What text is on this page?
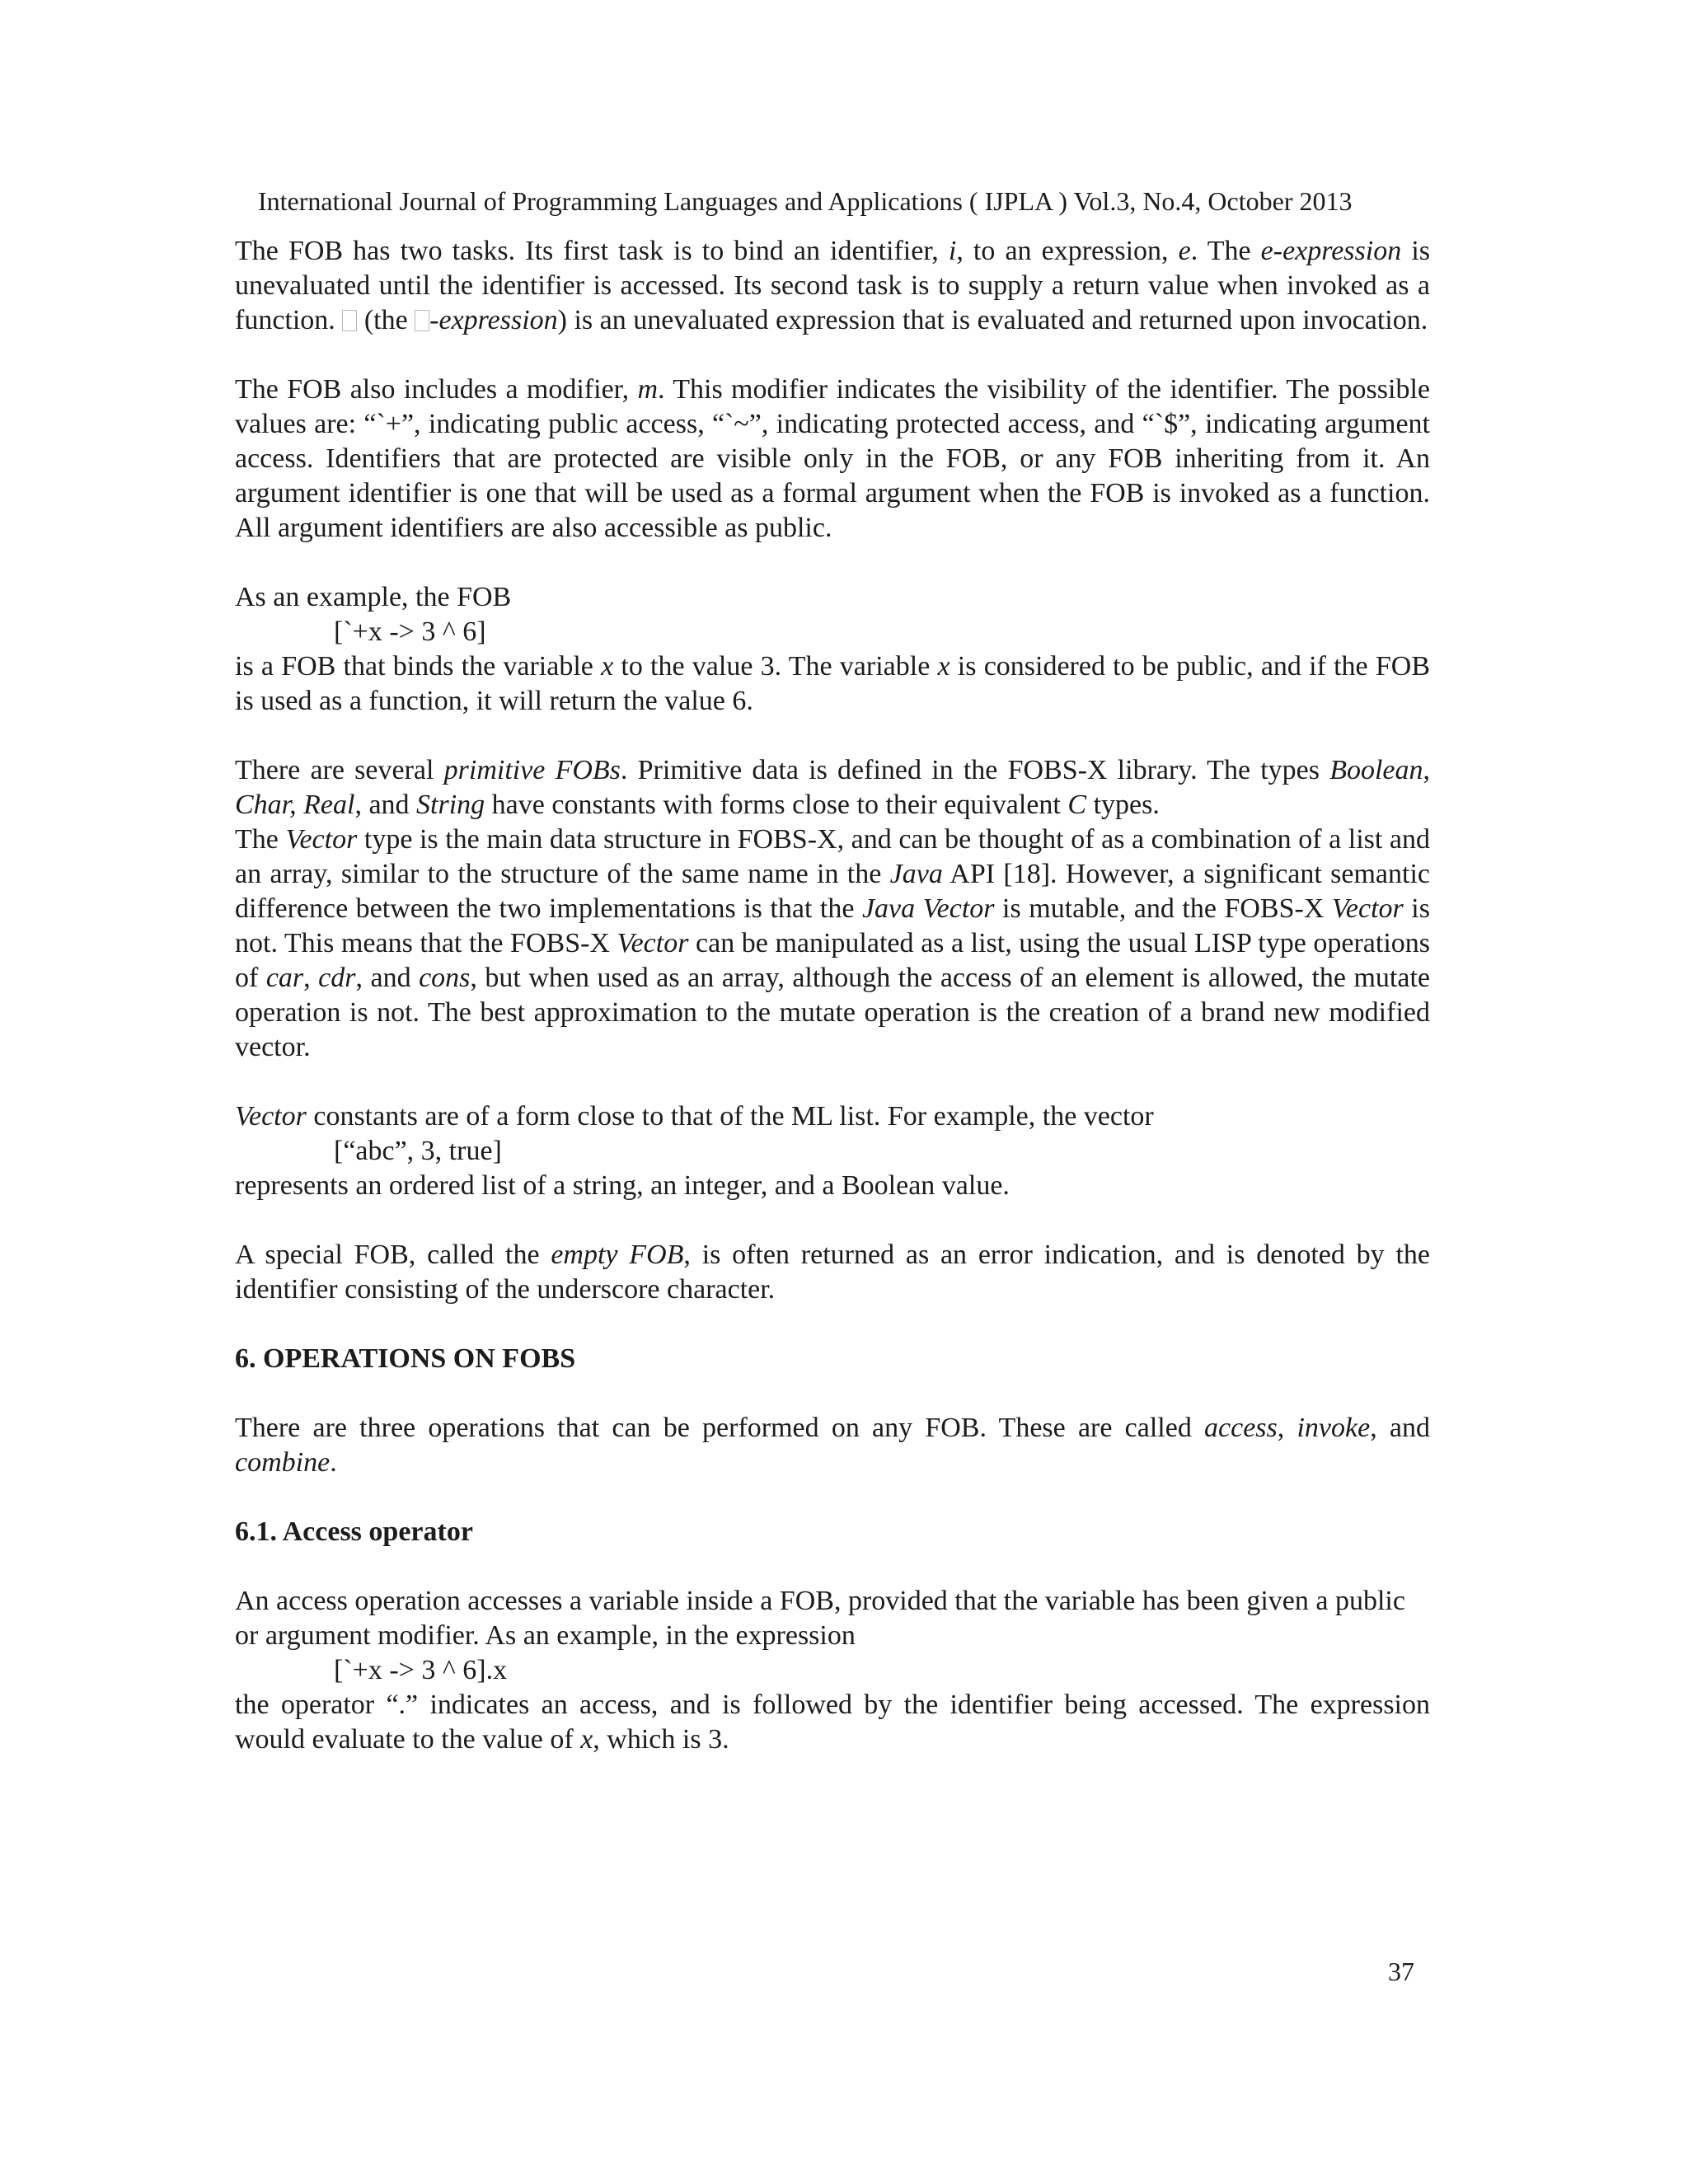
International Journal of Programming Languages and Applications ( IJPLA ) Vol.3, No.4, October 2013

The FOB has two tasks. Its first task is to bind an identifier, i, to an expression, e. The e-expression is unevaluated until the identifier is accessed. Its second task is to supply a return value when invoked as a function.  (the -expression) is an unevaluated expression that is evaluated and returned upon invocation.

The FOB also includes a modifier, m. This modifier indicates the visibility of the identifier. The possible values are: “`+”, indicating public access, “`~”, indicating protected access, and “`$”, indicating argument access. Identifiers that are protected are visible only in the FOB, or any FOB inheriting from it. An argument identifier is one that will be used as a formal argument when the FOB is invoked as a function. All argument identifiers are also accessible as public.

As an example, the FOB
[`+x -> 3 ^ 6]
is a FOB that binds the variable x to the value 3. The variable x is considered to be public, and if the FOB is used as a function, it will return the value 6.

There are several primitive FOBs. Primitive data is defined in the FOBS-X library. The types Boolean, Char, Real, and String have constants with forms close to their equivalent C types.

The Vector type is the main data structure in FOBS-X, and can be thought of as a combination of a list and an array, similar to the structure of the same name in the Java API [18]. However, a significant semantic difference between the two implementations is that the Java Vector is mutable, and the FOBS-X Vector is not. This means that the FOBS-X Vector can be manipulated as a list, using the usual LISP type operations of car, cdr, and cons, but when used as an array, although the access of an element is allowed, the mutate operation is not. The best approximation to the mutate operation is the creation of a brand new modified vector.

Vector constants are of a form close to that of the ML list. For example, the vector
[“abc”, 3, true]
represents an ordered list of a string, an integer, and a Boolean value.

A special FOB, called the empty FOB, is often returned as an error indication, and is denoted by the identifier consisting of the underscore character.

6. OPERATIONS ON FOBS

There are three operations that can be performed on any FOB. These are called access, invoke, and combine.

6.1. Access operator
An access operation accesses a variable inside a FOB, provided that the variable has been given a public or argument modifier. As an example, in the expression
[`+x -> 3 ^ 6].x
the operator “.” indicates an access, and is followed by the identifier being accessed. The expression would evaluate to the value of x, which is 3.
37
